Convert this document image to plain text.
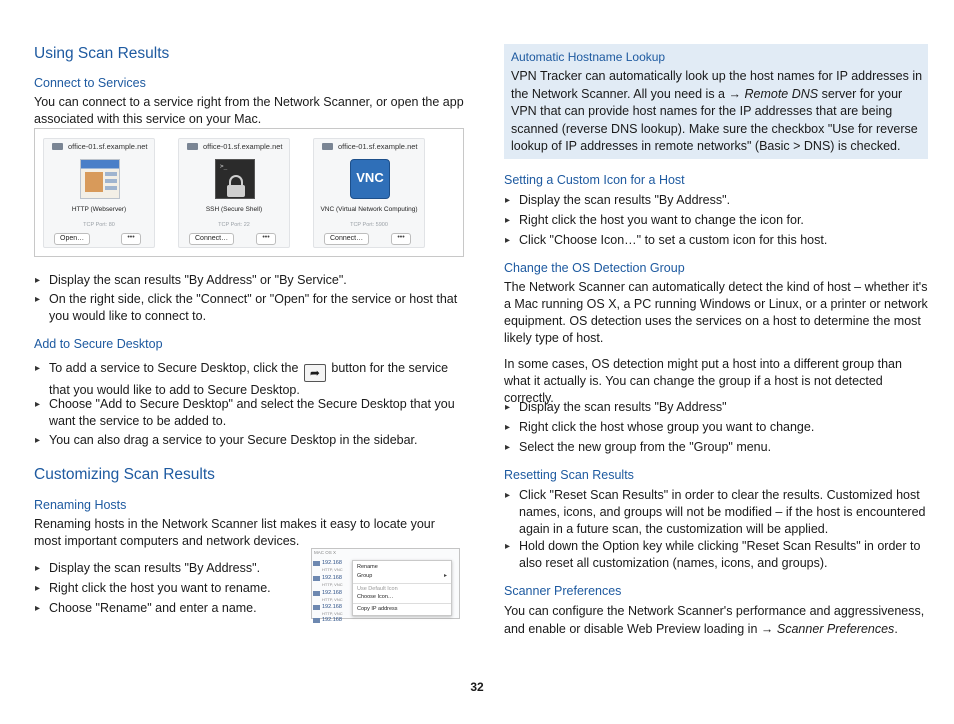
Using Scan Results
Connect to Services
You can connect to a service right from the Network Scanner, or open the app associated with this service on your Mac.
office-01.sf.example.net
HTTP (Webserver)
TCP Port: 80
Open…	•••
office-01.sf.example.net
>_
SSH (Secure Shell)
TCP Port: 22
Connect…	•••
office-01.sf.example.net
VNC
VNC (Virtual Network Computing)
TCP Port: 5900
Connect…	•••
▸ Display the scan results "By Address" or "By Service".
▸ On the right side, click the "Connect" or "Open" for the service or host that you would like to connect to.
Add to Secure Desktop
▸ To add a service to Secure Desktop, click the ➦ button for the service that you would like to add to Secure Desktop.
▸ Choose "Add to Secure Desktop" and select the Secure Desktop that you want the service to be added to.
▸ You can also drag a service to your Secure Desktop in the sidebar.
Customizing Scan Results
Renaming Hosts
Renaming hosts in the Network Scanner list makes it easy to locate your most important computers and network devices.
▸ Display the scan results "By Address".
▸ Right click the host you want to rename.
▸ Choose "Rename" and enter a name.
MAC OS X
192.168
HTTP, VNC
192.168
HTTP, VNC
192.168
HTTP, VNC
192.168
HTTP, VNC
192.168
Rename
Group	▸
Use Default Icon
Choose Icon…
Copy IP address
Automatic Hostname Lookup
VPN Tracker can automatically look up the host names for IP addresses in the Network Scanner. All you need is a → Remote DNS server for your VPN that can provide host names for the IP addresses that are being scanned (reverse DNS lookup). Make sure the checkbox "Use for reverse lookup of IP addresses in remote networks" (Basic > DNS) is checked.
Setting a Custom Icon for a Host
▸ Display the scan results "By Address".
▸ Right click the host you want to change the icon for.
▸ Click "Choose Icon…" to set a custom icon for this host.
Change the OS Detection Group
The Network Scanner can automatically detect the kind of host – whether it's a Mac running OS X, a PC running Windows or Linux, or a printer or network equipment. OS detection uses the services on a host to determine the most likely type of host.
In some cases, OS detection might put a host into a different group than what it actually is. You can change the group if a host is not detected correctly.
▸ Display the scan results "By Address"
▸ Right click the host whose group you want to change.
▸ Select the new group from the "Group" menu.
Resetting Scan Results
▸ Click "Reset Scan Results" in order to clear the results. Customized host names, icons, and groups will not be modified – if the host is encountered again in a future scan, the customization will be applied.
▸ Hold down the Option key while clicking "Reset Scan Results" in order to also reset all customization (names, icons, and groups).
Scanner Preferences
You can configure the Network Scanner's performance and aggressiveness, and enable or disable Web Preview loading in → Scanner Preferences.
32
